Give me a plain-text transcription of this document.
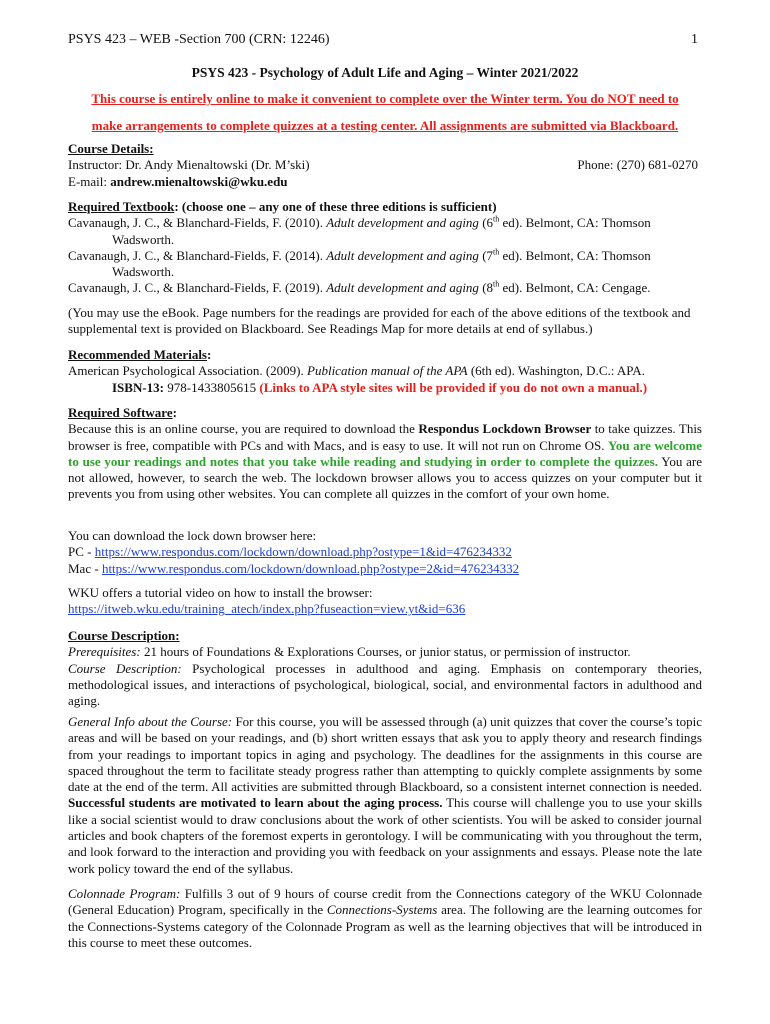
PSYS 423 – WEB -Section 700 (CRN: 12246)	1
PSYS 423 - Psychology of Adult Life and Aging – Winter 2021/2022
This course is entirely online to make it convenient to complete over the Winter term. You do NOT need to
make arrangements to complete quizzes at a testing center. All assignments are submitted via Blackboard.
Course Details:
Instructor: Dr. Andy Mienaltowski (Dr. M’ski)	Phone: (270) 681-0270
E-mail: andrew.mienaltowski@wku.edu
Required Textbook: (choose one – any one of these three editions is sufficient)
Cavanaugh, J. C., & Blanchard-Fields, F. (2010). Adult development and aging (6th ed). Belmont, CA: Thomson Wadsworth.
Cavanaugh, J. C., & Blanchard-Fields, F. (2014). Adult development and aging (7th ed). Belmont, CA: Thomson Wadsworth.
Cavanaugh, J. C., & Blanchard-Fields, F. (2019). Adult development and aging (8th ed). Belmont, CA: Cengage.
(You may use the eBook. Page numbers for the readings are provided for each of the above editions of the textbook and supplemental text is provided on Blackboard. See Readings Map for more details at end of syllabus.)
Recommended Materials:
American Psychological Association. (2009). Publication manual of the APA (6th ed). Washington, D.C.: APA.
ISBN-13: 978-1433805615 (Links to APA style sites will be provided if you do not own a manual.)
Required Software:
Because this is an online course, you are required to download the Respondus Lockdown Browser to take quizzes. This browser is free, compatible with PCs and with Macs, and is easy to use. It will not run on Chrome OS. You are welcome to use your readings and notes that you take while reading and studying in order to complete the quizzes. You are not allowed, however, to search the web. The lockdown browser allows you to access quizzes on your computer but it prevents you from using other websites. You can complete all quizzes in the comfort of your own home.
You can download the lock down browser here:
PC - https://www.respondus.com/lockdown/download.php?ostype=1&id=476234332
Mac - https://www.respondus.com/lockdown/download.php?ostype=2&id=476234332
WKU offers a tutorial video on how to install the browser:
https://itweb.wku.edu/training_atech/index.php?fuseaction=view.yt&id=636
Course Description:
Prerequisites: 21 hours of Foundations & Explorations Courses, or junior status, or permission of instructor.
Course Description: Psychological processes in adulthood and aging. Emphasis on contemporary theories, methodological issues, and interactions of psychological, biological, social, and environmental factors in adulthood and aging.
General Info about the Course: For this course, you will be assessed through (a) unit quizzes that cover the course’s topic areas and will be based on your readings, and (b) short written essays that ask you to apply theory and research findings from your readings to important topics in aging and psychology. The deadlines for the assignments in this course are spaced throughout the term to facilitate steady progress rather than attempting to quickly complete assignments by some date at the end of the term. All activities are submitted through Blackboard, so a consistent internet connection is needed. Successful students are motivated to learn about the aging process. This course will challenge you to use your skills like a social scientist would to draw conclusions about the work of other scientists. You will be asked to consider journal articles and book chapters of the foremost experts in gerontology. I will be communicating with you throughout the term, and look forward to the interaction and providing you with feedback on your assignments and essays. Please note the late work policy toward the end of the syllabus.
Colonnade Program: Fulfills 3 out of 9 hours of course credit from the Connections category of the WKU Colonnade (General Education) Program, specifically in the Connections-Systems area. The following are the learning outcomes for the Connections-Systems category of the Colonnade Program as well as the learning objectives that will be introduced in this course to meet these outcomes.
